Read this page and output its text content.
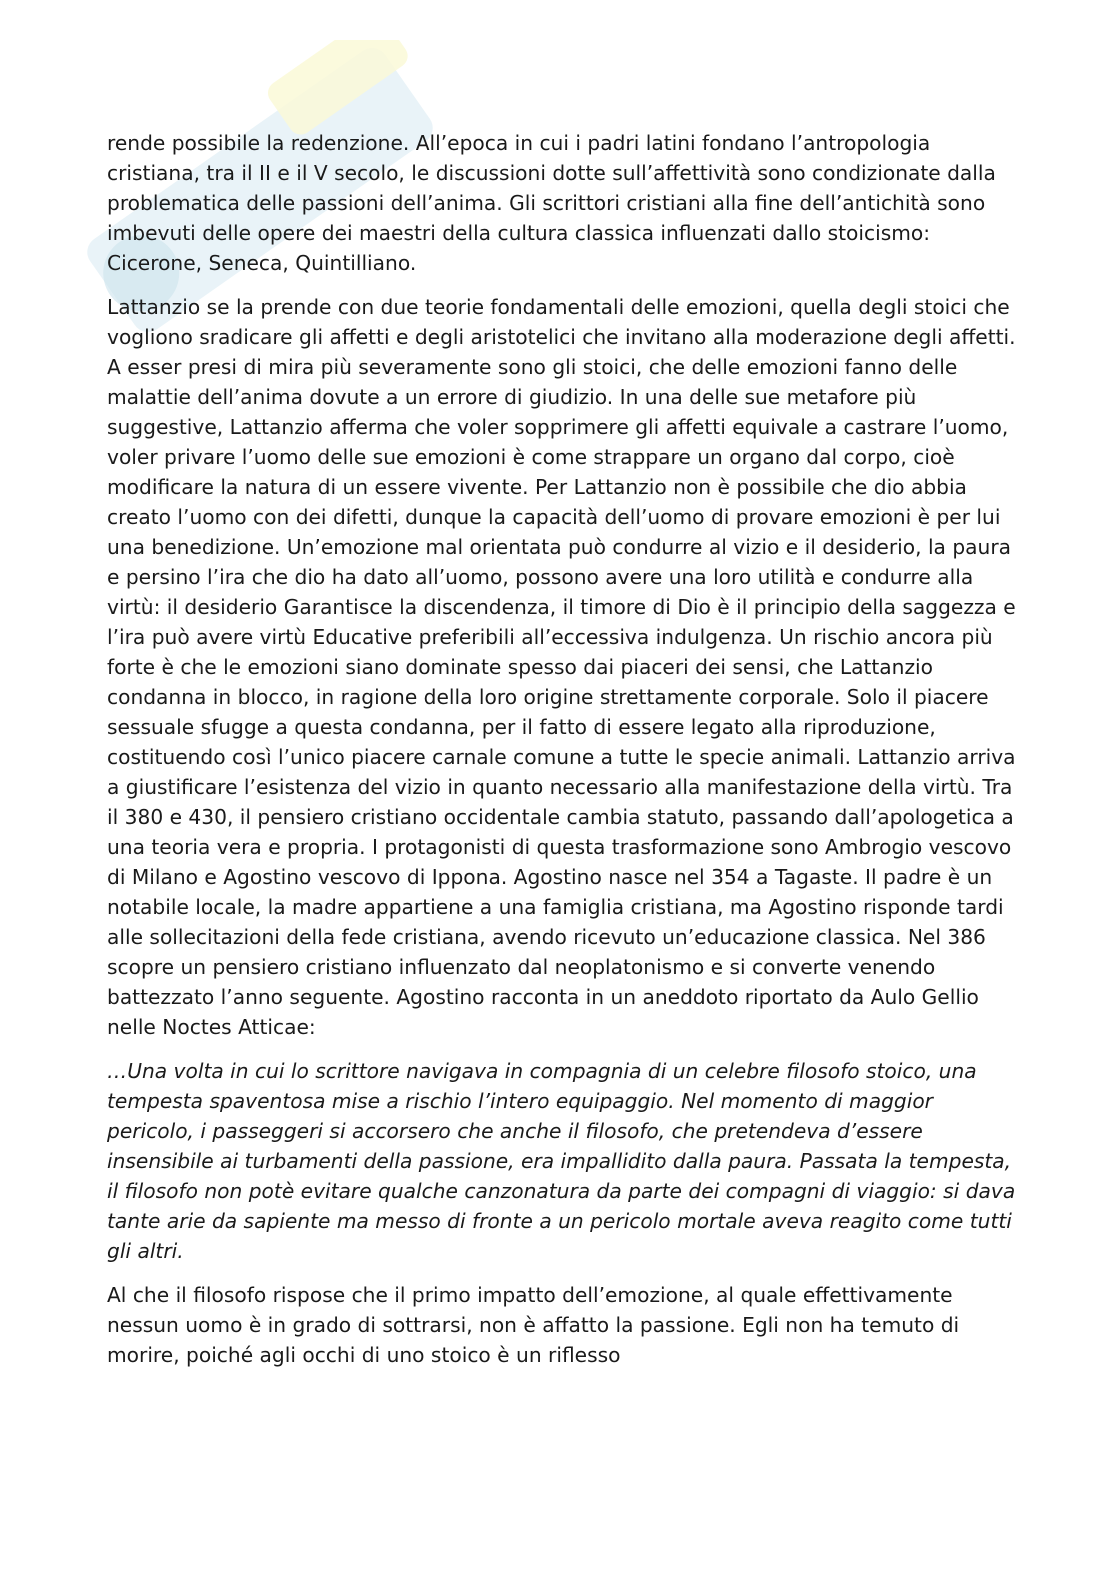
rende possibile la redenzione. All’epoca in cui i padri latini fondano l’antropologia cristiana, tra il II e il V secolo, le discussioni dotte sull’affettività sono condizionate dalla problematica delle passioni dell’anima. Gli scrittori cristiani alla fine dell’antichità sono imbevuti delle opere dei maestri della cultura classica influenzati dallo stoicismo: Cicerone, Seneca, Quintilliano.

Lattanzio se la prende con due teorie fondamentali delle emozioni, quella degli stoici che vogliono sradicare gli affetti e degli aristotelici che invitano alla moderazione degli affetti. A esser presi di mira più severamente sono gli stoici, che delle emozioni fanno delle malattie dell’anima dovute a un errore di giudizio. In una delle sue metafore più suggestive, Lattanzio afferma che voler sopprimere gli affetti equivale a castrare l’uomo, voler privare l’uomo delle sue emozioni è come strappare un organo dal corpo, cioè modificare la natura di un essere vivente. Per Lattanzio non è possibile che dio abbia creato l’uomo con dei difetti, dunque la capacità dell’uomo di provare emozioni è per lui una benedizione. Un’emozione mal orientata può condurre al vizio e il desiderio, la paura e persino l’ira che dio ha dato all’uomo, possono avere una loro utilità e condurre alla virtù: il desiderio Garantisce la discendenza, il timore di Dio è il principio della saggezza e l’ira può avere virtù Educative preferibili all’eccessiva indulgenza. Un rischio ancora più forte è che le emozioni siano dominate spesso dai piaceri dei sensi, che Lattanzio condanna in blocco, in ragione della loro origine strettamente corporale. Solo il piacere sessuale sfugge a questa condanna, per il fatto di essere legato alla riproduzione, costituendo così l’unico piacere carnale comune a tutte le specie animali. Lattanzio arriva a giustificare l’esistenza del vizio in quanto necessario alla manifestazione della virtù. Tra il 380 e 430, il pensiero cristiano occidentale cambia statuto, passando dall’apologetica a una teoria vera e propria. I protagonisti di questa trasformazione sono Ambrogio vescovo di Milano e Agostino vescovo di Ippona. Agostino nasce nel 354 a Tagaste. Il padre è un notabile locale, la madre appartiene a una famiglia cristiana, ma Agostino risponde tardi alle sollecitazioni della fede cristiana, avendo ricevuto un’educazione classica. Nel 386 scopre un pensiero cristiano influenzato dal neoplatonismo e si converte venendo battezzato l’anno seguente. Agostino racconta in un aneddoto riportato da Aulo Gellio nelle Noctes Atticae:

…Una volta in cui lo scrittore navigava in compagnia di un celebre filosofo stoico, una tempesta spaventosa mise a rischio l’intero equipaggio. Nel momento di maggior pericolo, i passeggeri si accorsero che anche il filosofo, che pretendeva d’essere insensibile ai turbamenti della passione, era impallidito dalla paura. Passata la tempesta, il filosofo non potè evitare qualche canzonatura da parte dei compagni di viaggio: si dava tante arie da sapiente ma messo di fronte a un pericolo mortale aveva reagito come tutti gli altri.

Al che il filosofo rispose che il primo impatto dell’emozione, al quale effettivamente nessun uomo è in grado di sottrarsi, non è affatto la passione. Egli non ha temuto di morire, poiché agli occhi di uno stoico è un riflesso
